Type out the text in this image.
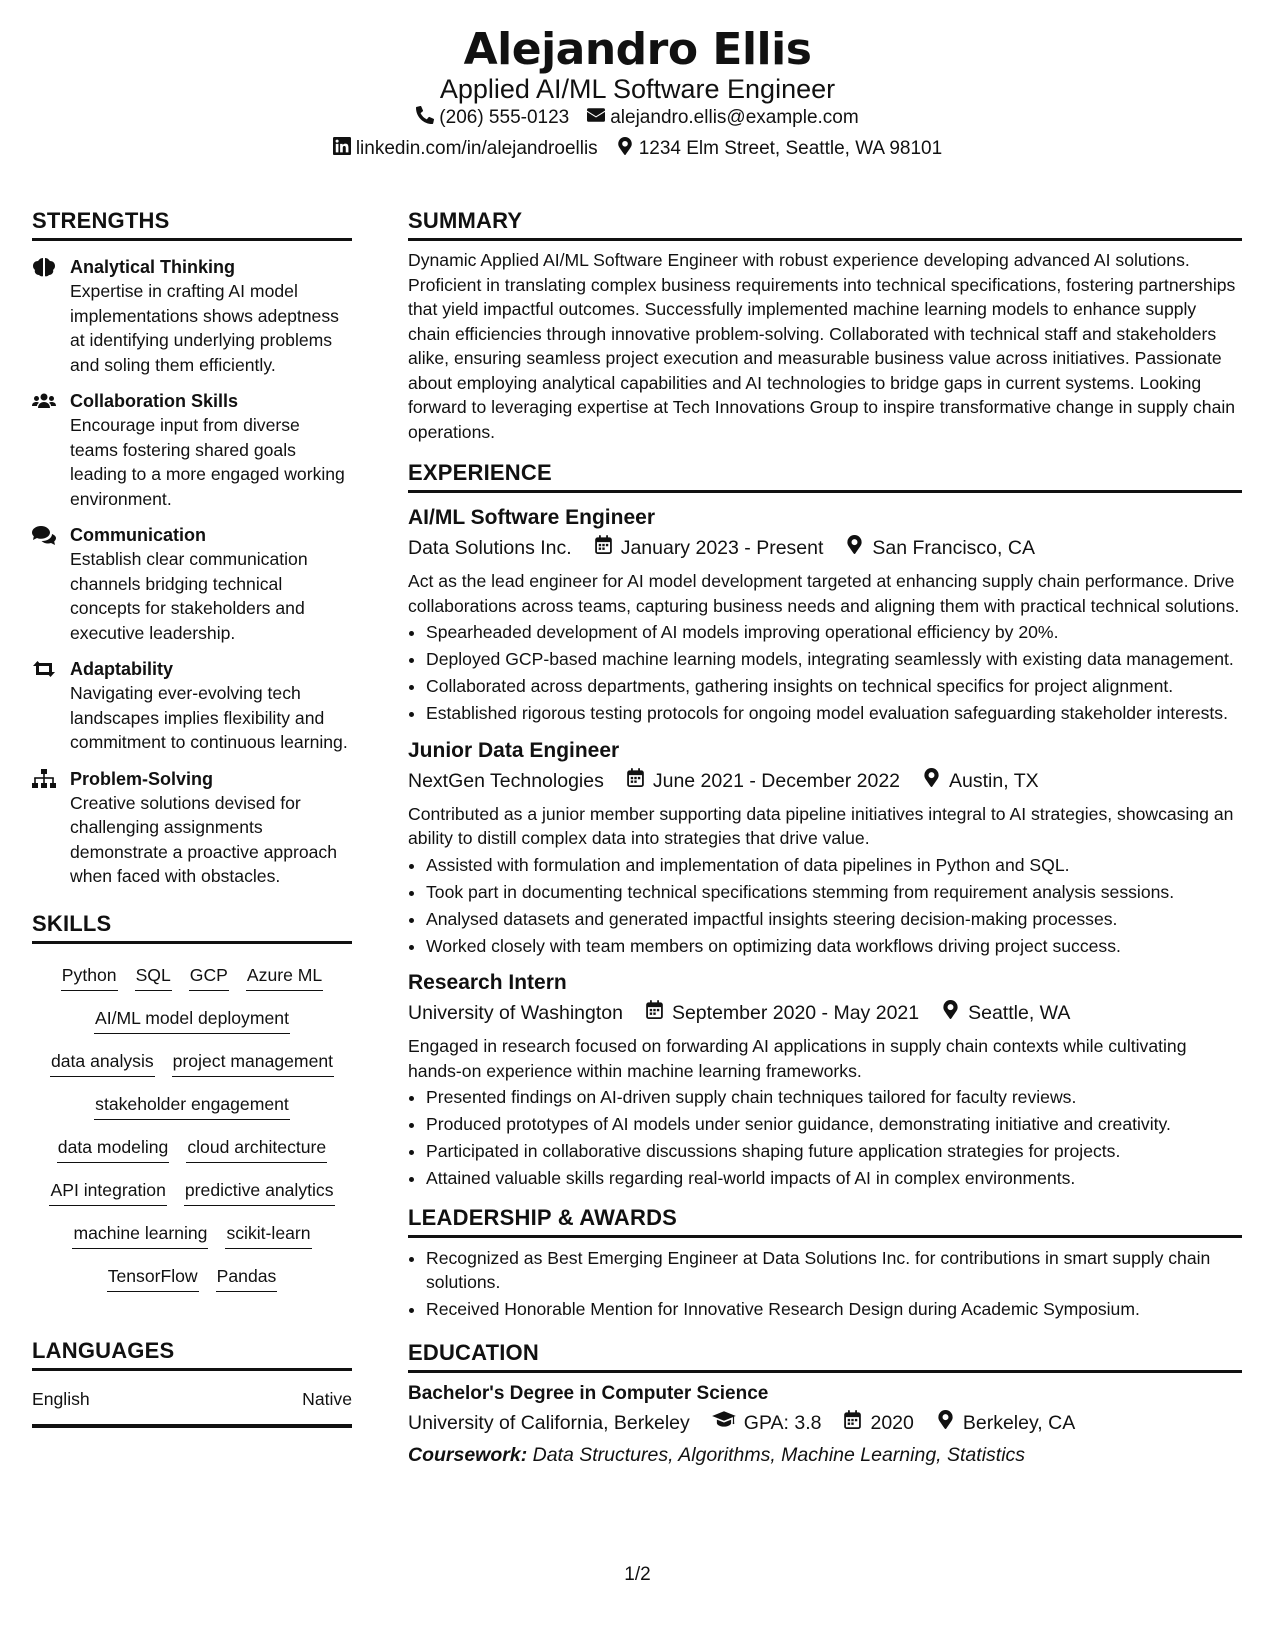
Alejandro Ellis
Applied AI/ML Software Engineer
(206) 555-0123 alejandro.ellis@example.com
linkedin.com/in/alejandroellis 1234 Elm Street, Seattle, WA 98101
STRENGTHS
Analytical Thinking
Expertise in crafting AI model implementations shows adeptness at identifying underlying problems and soling them efficiently.
Collaboration Skills
Encourage input from diverse teams fostering shared goals leading to a more engaged working environment.
Communication
Establish clear communication channels bridging technical concepts for stakeholders and executive leadership.
Adaptability
Navigating ever-evolving tech landscapes implies flexibility and commitment to continuous learning.
Problem-Solving
Creative solutions devised for challenging assignments demonstrate a proactive approach when faced with obstacles.
SKILLS
Python SQL GCP Azure ML
AI/ML model deployment
data analysis project management
stakeholder engagement
data modeling cloud architecture
API integration predictive analytics
machine learning scikit-learn
TensorFlow Pandas
LANGUAGES
English	Native
SUMMARY
Dynamic Applied AI/ML Software Engineer with robust experience developing advanced AI solutions. Proficient in translating complex business requirements into technical specifications, fostering partnerships that yield impactful outcomes. Successfully implemented machine learning models to enhance supply chain efficiencies through innovative problem-solving. Collaborated with technical staff and stakeholders alike, ensuring seamless project execution and measurable business value across initiatives. Passionate about employing analytical capabilities and AI technologies to bridge gaps in current systems. Looking forward to leveraging expertise at Tech Innovations Group to inspire transformative change in supply chain operations.
EXPERIENCE
AI/ML Software Engineer
Data Solutions Inc.	January 2023 - Present	San Francisco, CA
Act as the lead engineer for AI model development targeted at enhancing supply chain performance. Drive collaborations across teams, capturing business needs and aligning them with practical technical solutions.
• Spearheaded development of AI models improving operational efficiency by 20%.
• Deployed GCP-based machine learning models, integrating seamlessly with existing data management.
• Collaborated across departments, gathering insights on technical specifics for project alignment.
• Established rigorous testing protocols for ongoing model evaluation safeguarding stakeholder interests.
Junior Data Engineer
NextGen Technologies	June 2021 - December 2022	Austin, TX
Contributed as a junior member supporting data pipeline initiatives integral to AI strategies, showcasing an ability to distill complex data into strategies that drive value.
• Assisted with formulation and implementation of data pipelines in Python and SQL.
• Took part in documenting technical specifications stemming from requirement analysis sessions.
• Analysed datasets and generated impactful insights steering decision-making processes.
• Worked closely with team members on optimizing data workflows driving project success.
Research Intern
University of Washington	September 2020 - May 2021	Seattle, WA
Engaged in research focused on forwarding AI applications in supply chain contexts while cultivating hands-on experience within machine learning frameworks.
• Presented findings on AI-driven supply chain techniques tailored for faculty reviews.
• Produced prototypes of AI models under senior guidance, demonstrating initiative and creativity.
• Participated in collaborative discussions shaping future application strategies for projects.
• Attained valuable skills regarding real-world impacts of AI in complex environments.
LEADERSHIP & AWARDS
• Recognized as Best Emerging Engineer at Data Solutions Inc. for contributions in smart supply chain solutions.
• Received Honorable Mention for Innovative Research Design during Academic Symposium.
EDUCATION
Bachelor's Degree in Computer Science
University of California, Berkeley	GPA: 3.8	2020	Berkeley, CA
Coursework: Data Structures, Algorithms, Machine Learning, Statistics
1/2
